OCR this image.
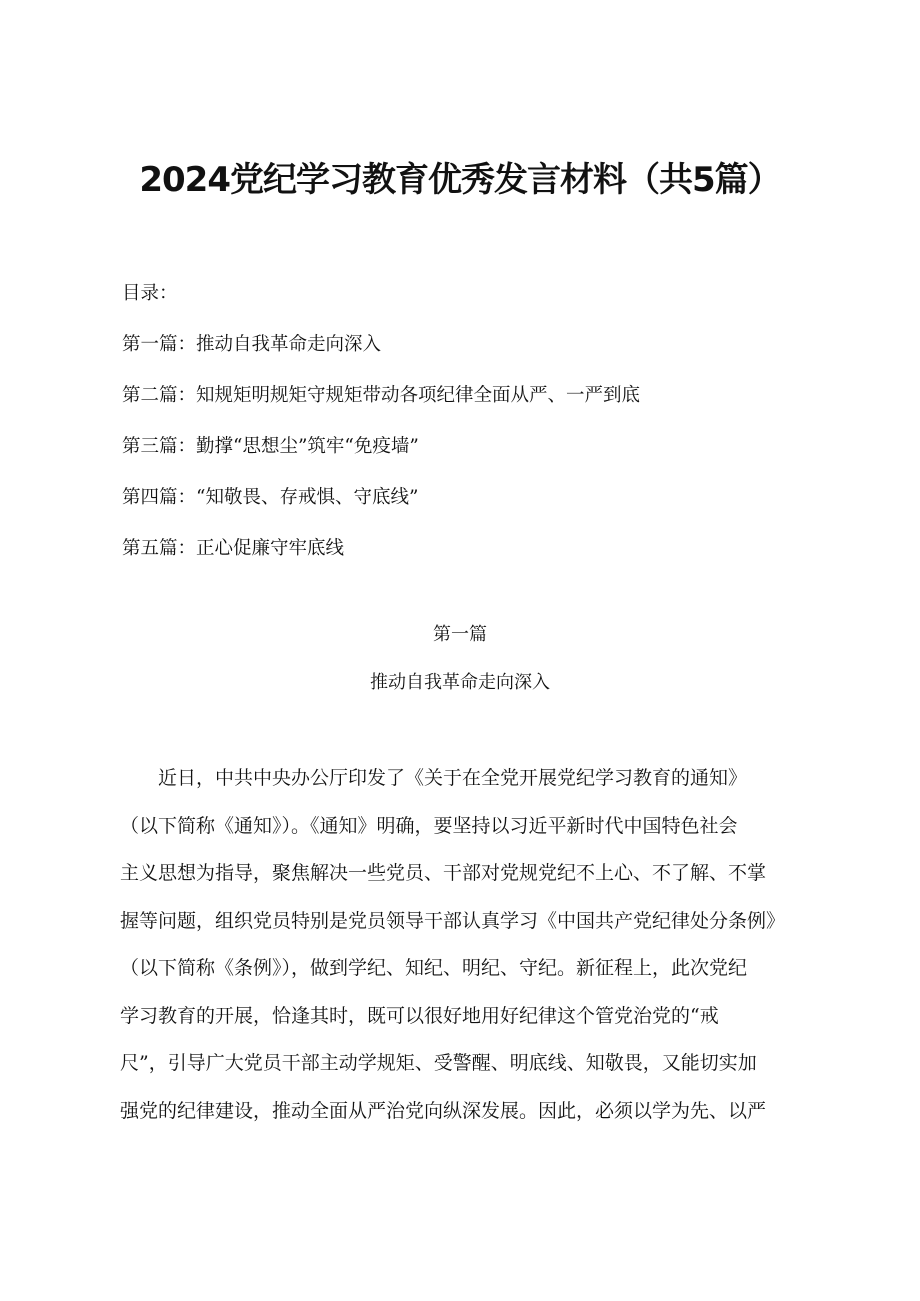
2024党纪学习教育优秀发言材料（共5篇）
目录：
第一篇：推动自我革命走向深入
第二篇：知规矩明规矩守规矩带动各项纪律全面从严、一严到底
第三篇：勤撑“思想尘”筑牢“免疫墙”
第四篇：“知敬畏、存戒惧、守底线”
第五篇：正心促廉守牢底线
第一篇
推动自我革命走向深入
　　近日，中共中央办公厅印发了《关于在全党开展党纪学习教育的通知》
（以下简称《通知》）。《通知》明确，要坚持以习近平新时代中国特色社会
主义思想为指导，聚焦解决一些党员、干部对党规党纪不上心、不了解、不掌
握等问题，组织党员特别是党员领导干部认真学习《中国共产党纪律处分条例》
（以下简称《条例》），做到学纪、知纪、明纪、守纪。新征程上，此次党纪
学习教育的开展，恰逢其时，既可以很好地用好纪律这个管党治党的“戒
尺”，引导广大党员干部主动学规矩、受警醒、明底线、知敬畏，又能切实加
强党的纪律建设，推动全面从严治党向纵深发展。因此，必须以学为先、以严
